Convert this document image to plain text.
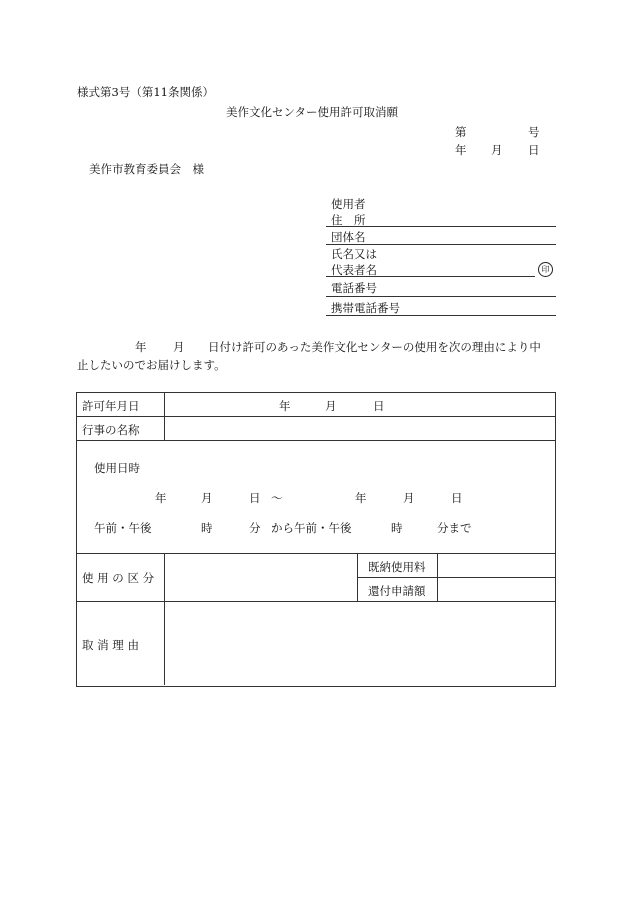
様式第3号（第11条関係）
美作文化センター使用許可取消願
第	号
年 月 日
美作市教育委員会　様
使用者
住　所
団体名
氏名又は
代表者名	印
電話番号
携帯電話番号
年 月 日付け許可のあった美作文化センターの使用を次の理由により中
止したいのでお届けします。
許可年月日	年	月	日
行事の名称
使用日時
年	月	日 ～	年	月	日
午前・午後	時	分 から午前・午後	時	分まで
使 用 の 区 分
既納使用料
還付申請額
取 消 理 由
